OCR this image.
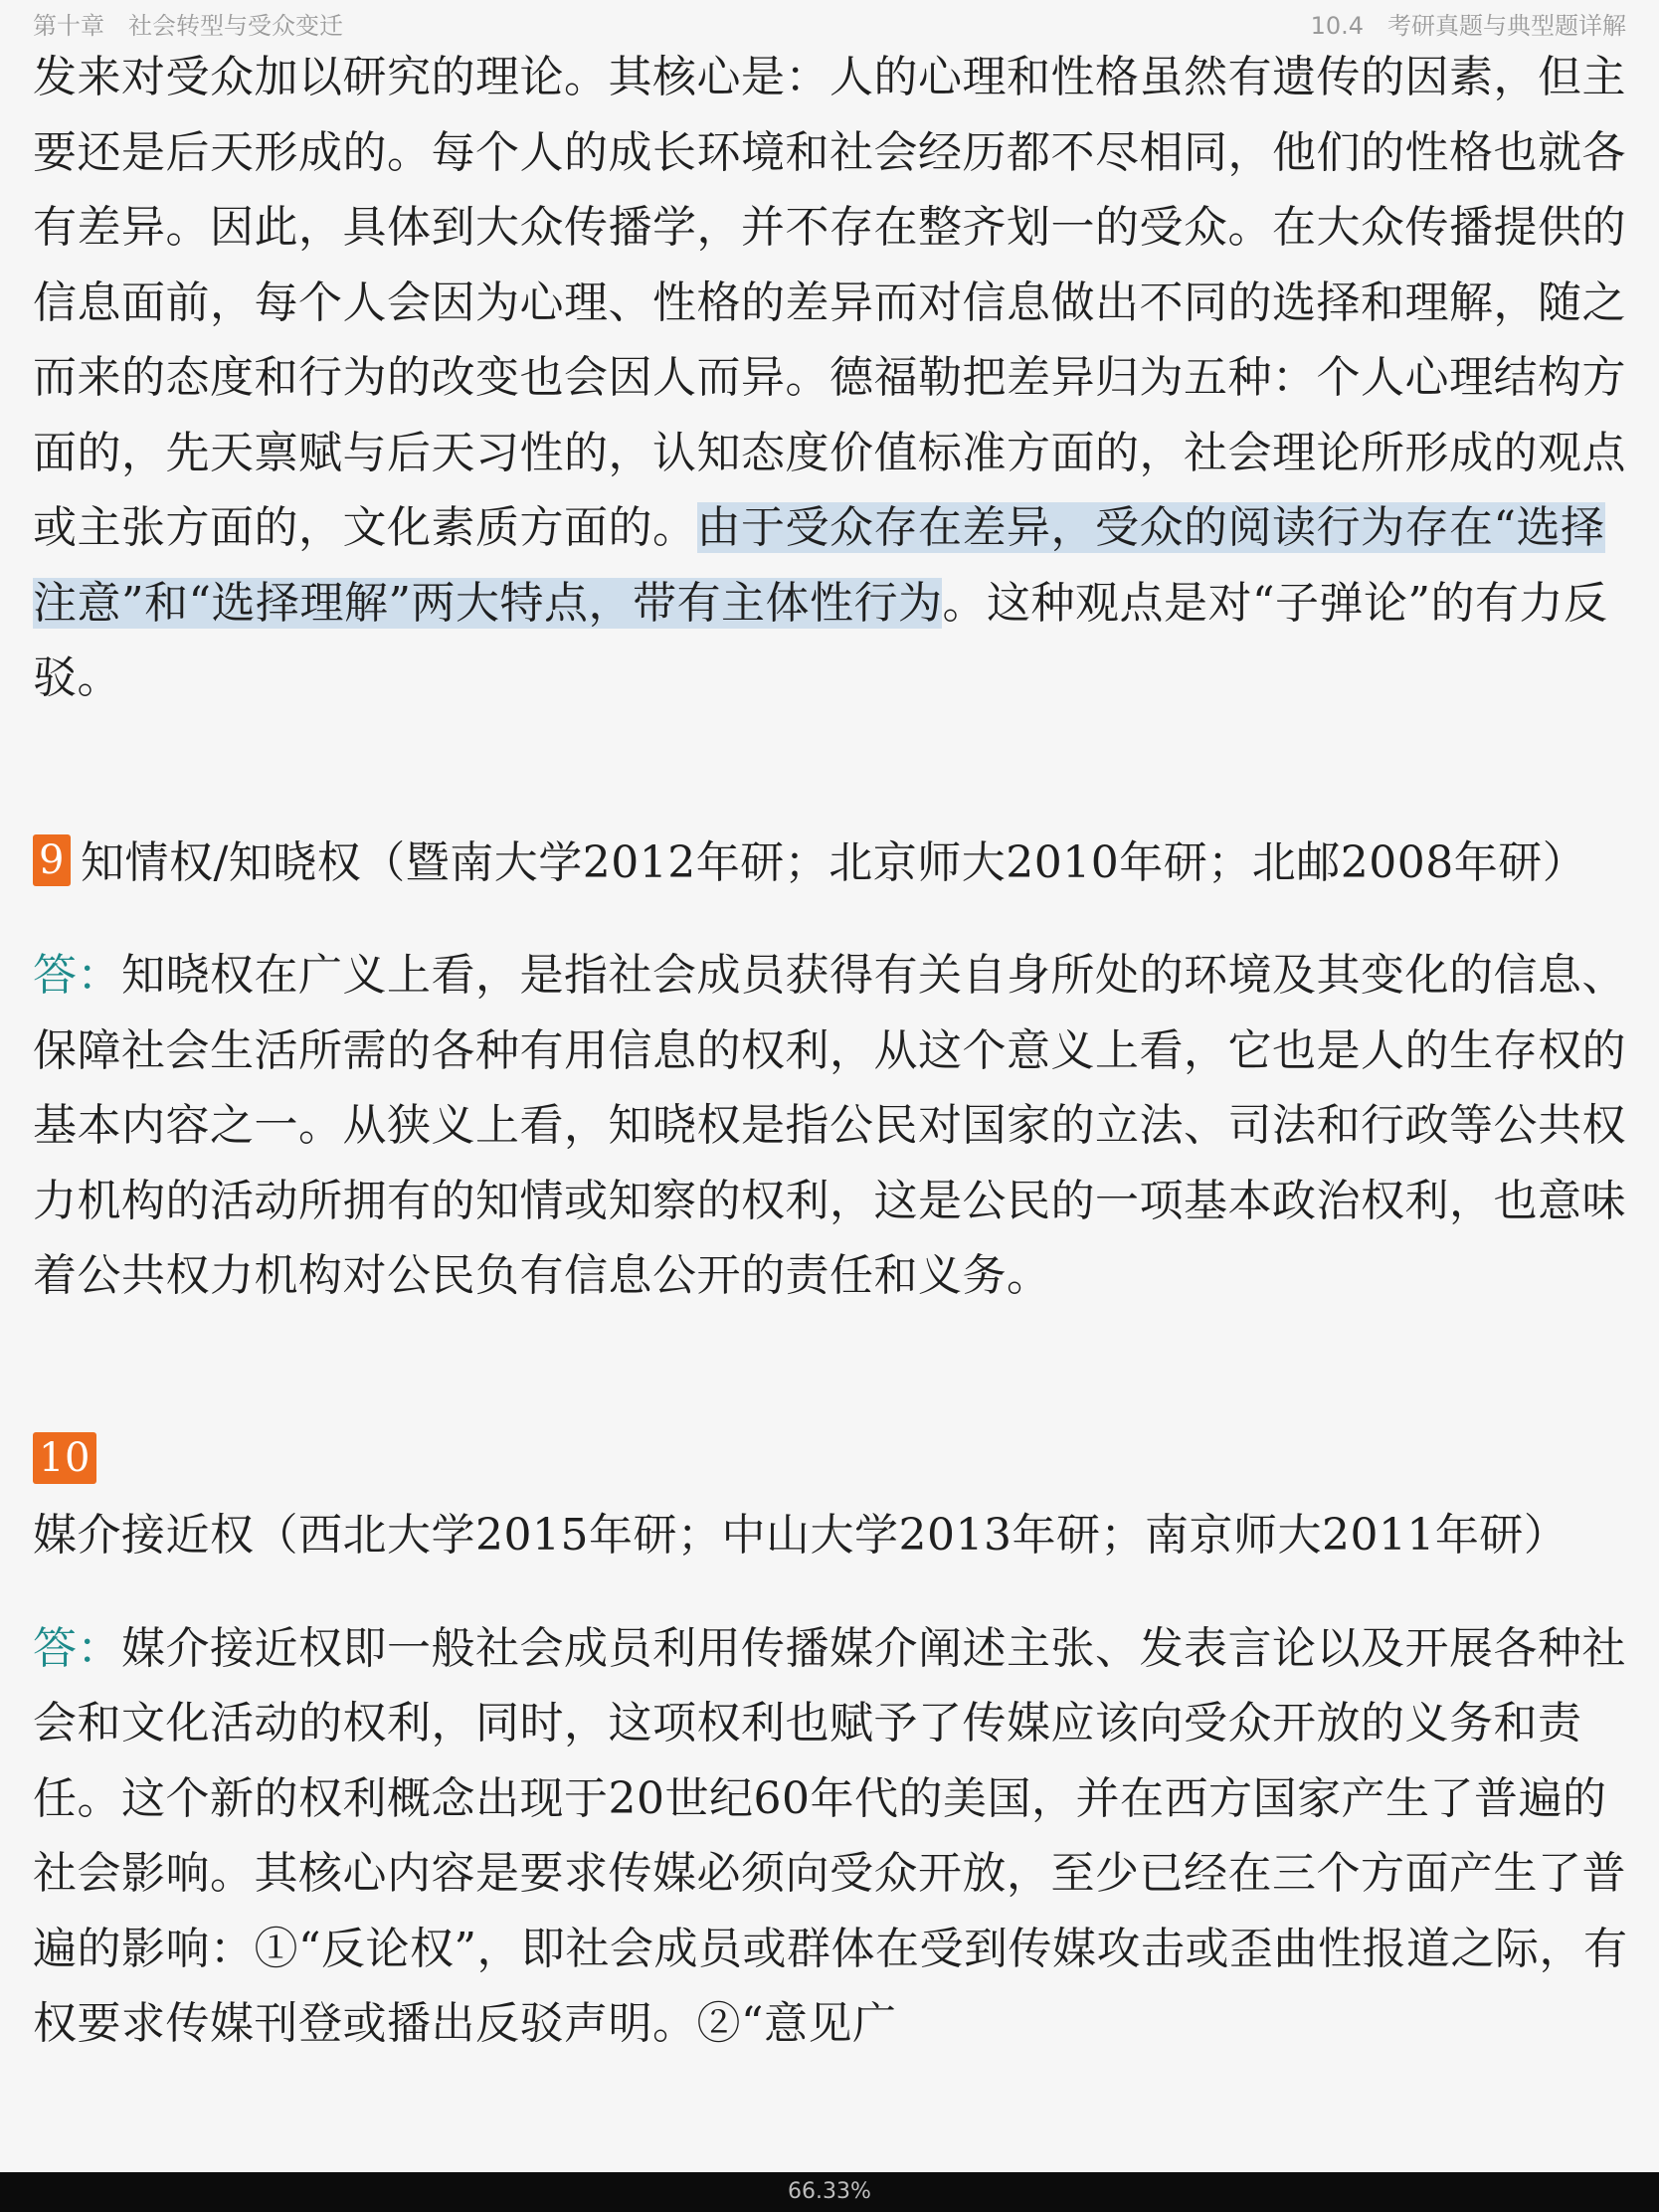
第十章　社会转型与受众变迁	10.4　考研真题与典型题详解

发来对受众加以研究的理论。其核心是：人的心理和性格虽然有遗传的因素，但主要还是后天形成的。每个人的成长环境和社会经历都不尽相同，他们的性格也就各有差异。因此，具体到大众传播学，并不存在整齐划一的受众。在大众传播提供的信息面前，每个人会因为心理、性格的差异而对信息做出不同的选择和理解，随之而来的态度和行为的改变也会因人而异。德福勒把差异归为五种：个人心理结构方面的，先天禀赋与后天习性的，认知态度价值标准方面的，社会理论所形成的观点或主张方面的，文化素质方面的。由于受众存在差异，受众的阅读行为存在“选择注意”和“选择理解”两大特点，带有主体性行为。这种观点是对“子弹论”的有力反驳。

9 知情权/知晓权（暨南大学2012年研；北京师大2010年研；北邮2008年研）

答：知晓权在广义上看，是指社会成员获得有关自身所处的环境及其变化的信息、保障社会生活所需的各种有用信息的权利，从这个意义上看，它也是人的生存权的基本内容之一。从狭义上看，知晓权是指公民对国家的立法、司法和行政等公共权力机构的活动所拥有的知情或知察的权利，这是公民的一项基本政治权利，也意味着公共权力机构对公民负有信息公开的责任和义务。

10媒介接近权（西北大学2015年研；中山大学2013年研；南京师大2011年研）

答：媒介接近权即一般社会成员利用传播媒介阐述主张、发表言论以及开展各种社会和文化活动的权利，同时，这项权利也赋予了传媒应该向受众开放的义务和责任。这个新的权利概念出现于20世纪60年代的美国，并在西方国家产生了普遍的社会影响。其核心内容是要求传媒必须向受众开放，至少已经在三个方面产生了普遍的影响：①“反论权”，即社会成员或群体在受到传媒攻击或歪曲性报道之际，有权要求传媒刊登或播出反驳声明。②“意见广

66.33%
